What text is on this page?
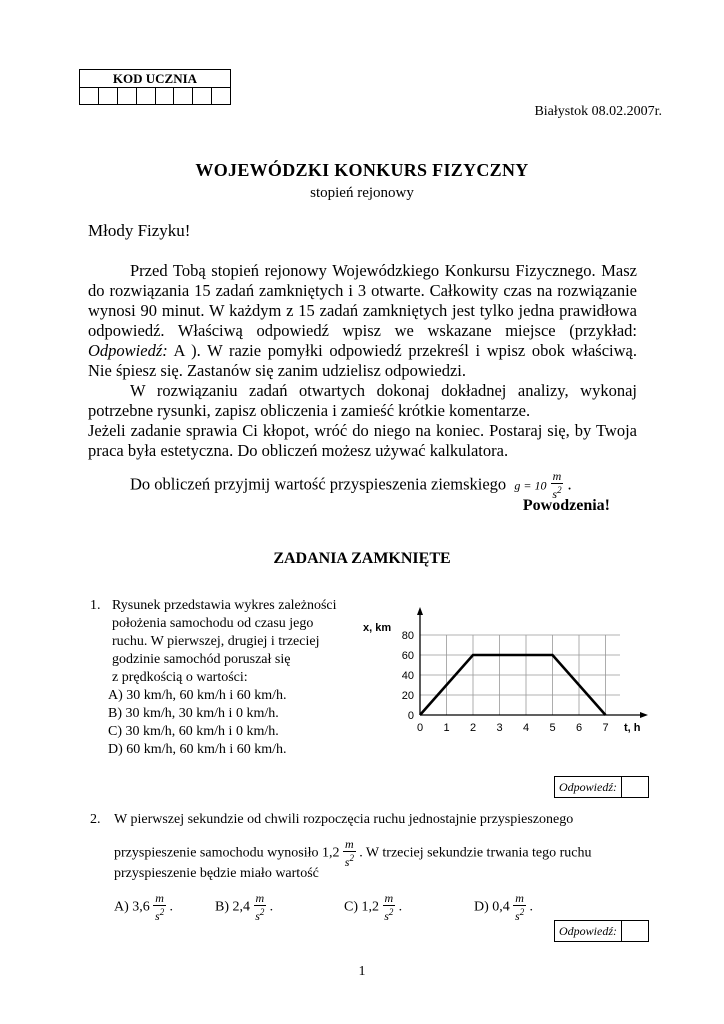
KOD UCZNIA
Białystok 08.02.2007r.
WOJEWÓDZKI KONKURS FIZYCZNY
stopień rejonowy
Młody Fizyku!

Przed Tobą stopień rejonowy Wojewódzkiego Konkursu Fizycznego. Masz do rozwiązania 15 zadań zamkniętych i 3 otwarte. Całkowity czas na rozwiązanie wynosi 90 minut. W każdym z 15 zadań zamkniętych jest tylko jedna prawidłowa odpowiedź. Właściwą odpowiedź wpisz we wskazane miejsce (przykład: Odpowiedź: A ). W razie pomyłki odpowiedź przekreśl i wpisz obok właściwą. Nie śpiesz się. Zastanów się zanim udzielisz odpowiedzi.

W rozwiązaniu zadań otwartych dokonaj dokładnej analizy, wykonaj potrzebne rysunki, zapisz obliczenia i zamieść krótkie komentarze.

Jeżeli zadanie sprawia Ci kłopot, wróć do niego na koniec. Postaraj się, by Twoja praca była estetyczna. Do obliczeń możesz używać kalkulatora.

Do obliczeń przyjmij wartość przyspieszenia ziemskiego $g = 10 \frac{m}{s^2}$ .
Powodzenia!
ZADANIA ZAMKNIĘTE
1. Rysunek przedstawia wykres zależności
położenia samochodu od czasu jego
ruchu. W pierwszej, drugiej i trzeciej
godzinie samochód poruszał się
z prędkością o wartości:
A) 30 km/h, 60 km/h i 60 km/h.
B) 30 km/h, 30 km/h i 0 km/h.
C) 30 km/h, 60 km/h i 0 km/h.
D) 60 km/h, 60 km/h i 60 km/h.
0 1 2 3 4 5 6 7
0
20
40
60
80
t, h
x, km
Odpowiedź:
2. W pierwszej sekundzie od chwili rozpoczęcia ruchu jednostajnie przyspieszonego
przyspieszenie samochodu wynosiło $1,2 \frac{m}{s^2}$ . W trzeciej sekundzie trwania tego ruchu
przyspieszenie będzie miało wartość
A) $3,6 \frac{m}{s^2}$ .	B) $2,4 \frac{m}{s^2}$ .	C) $1,2 \frac{m}{s^2}$ .	D) $0,4 \frac{m}{s^2}$ .
Odpowiedź:
1
